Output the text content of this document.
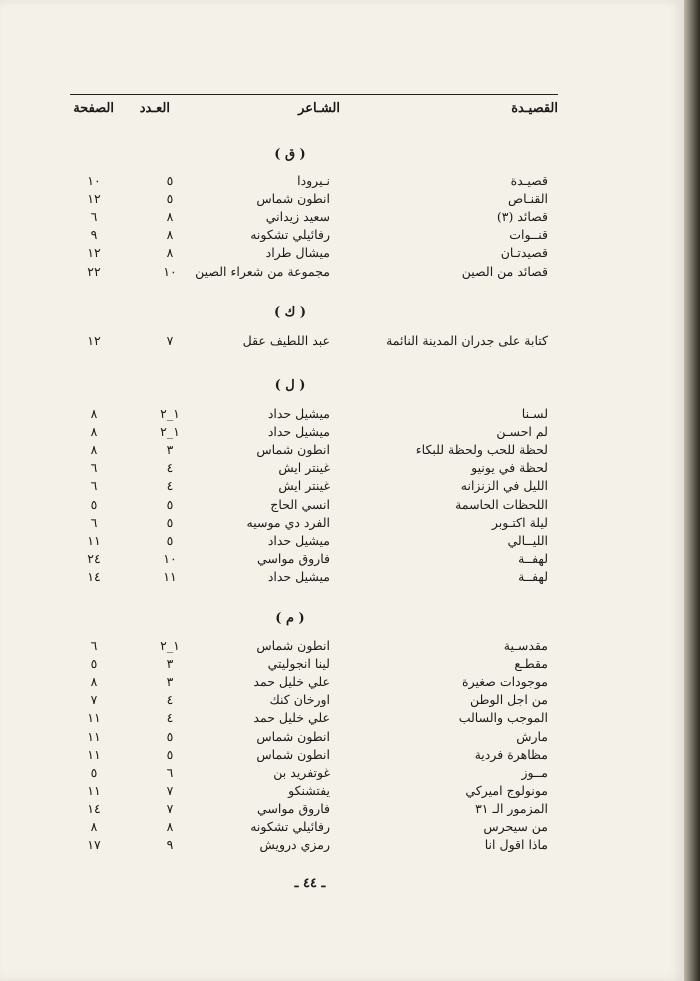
القصيـدة
الشـاعر
العـدد
الصفحة
( ق )
قصيـدة
نـيرودا
٥
١٠
القنـاص
انطون شماس
٥
١٢
قصائد (٣)
سعيد زيداني
٨
٦
قنــوات
رفائيلي تشكونه
٨
٩
قصيدتـان
ميشال طراد
٨
١٢
قصائد من الصين
مجموعة من شعراء الصين
١٠
٢٢
( ك )
كتابة على جدران المدينة النائمة
عبد اللطيف عقل
٧
١٢
( ل )
لسـنا
ميشيل حداد
١_٢
٨
لم احسـن
ميشيل حداد
١_٢
٨
لحظة للحب ولحظة للبكاء
انطون شماس
٣
٨
لحظة في يونيو
غينتر ايش
٤
٦
الليل في الزنزانه
غينتر ايش
٤
٦
اللحظات الحاسمة
انسي الحاج
٥
٥
ليلة اكتـوبر
الفرد دي موسيه
٥
٦
الليــالي
ميشيل حداد
٥
١١
لهفــة
فاروق مواسي
١٠
٢٤
لهفــة
ميشيل حداد
١١
١٤
( م )
مقدسـية
انطون شماس
١_٢
٦
مقطـع
لينا انجوليتي
٣
٥
موجودات صغيرة
علي خليل حمد
٣
٨
من اجل الوطن
اورخان كنك
٤
٧
الموجب والسالب
علي خليل حمد
٤
١١
مارش
انطون شماس
٥
١١
مظاهرة فردية
انطون شماس
٥
١١
مــوز
غوتفريد بن
٦
٥
مونولوج اميركي
يفتشنكو
٧
١١
المزمور الـ ٣١
فاروق مواسي
٧
١٤
من سيحرس
رفائيلي تشكونه
٨
٨
ماذا اقول انا
رمزي درويش
٩
١٧
ـ ٤٤ ـ
